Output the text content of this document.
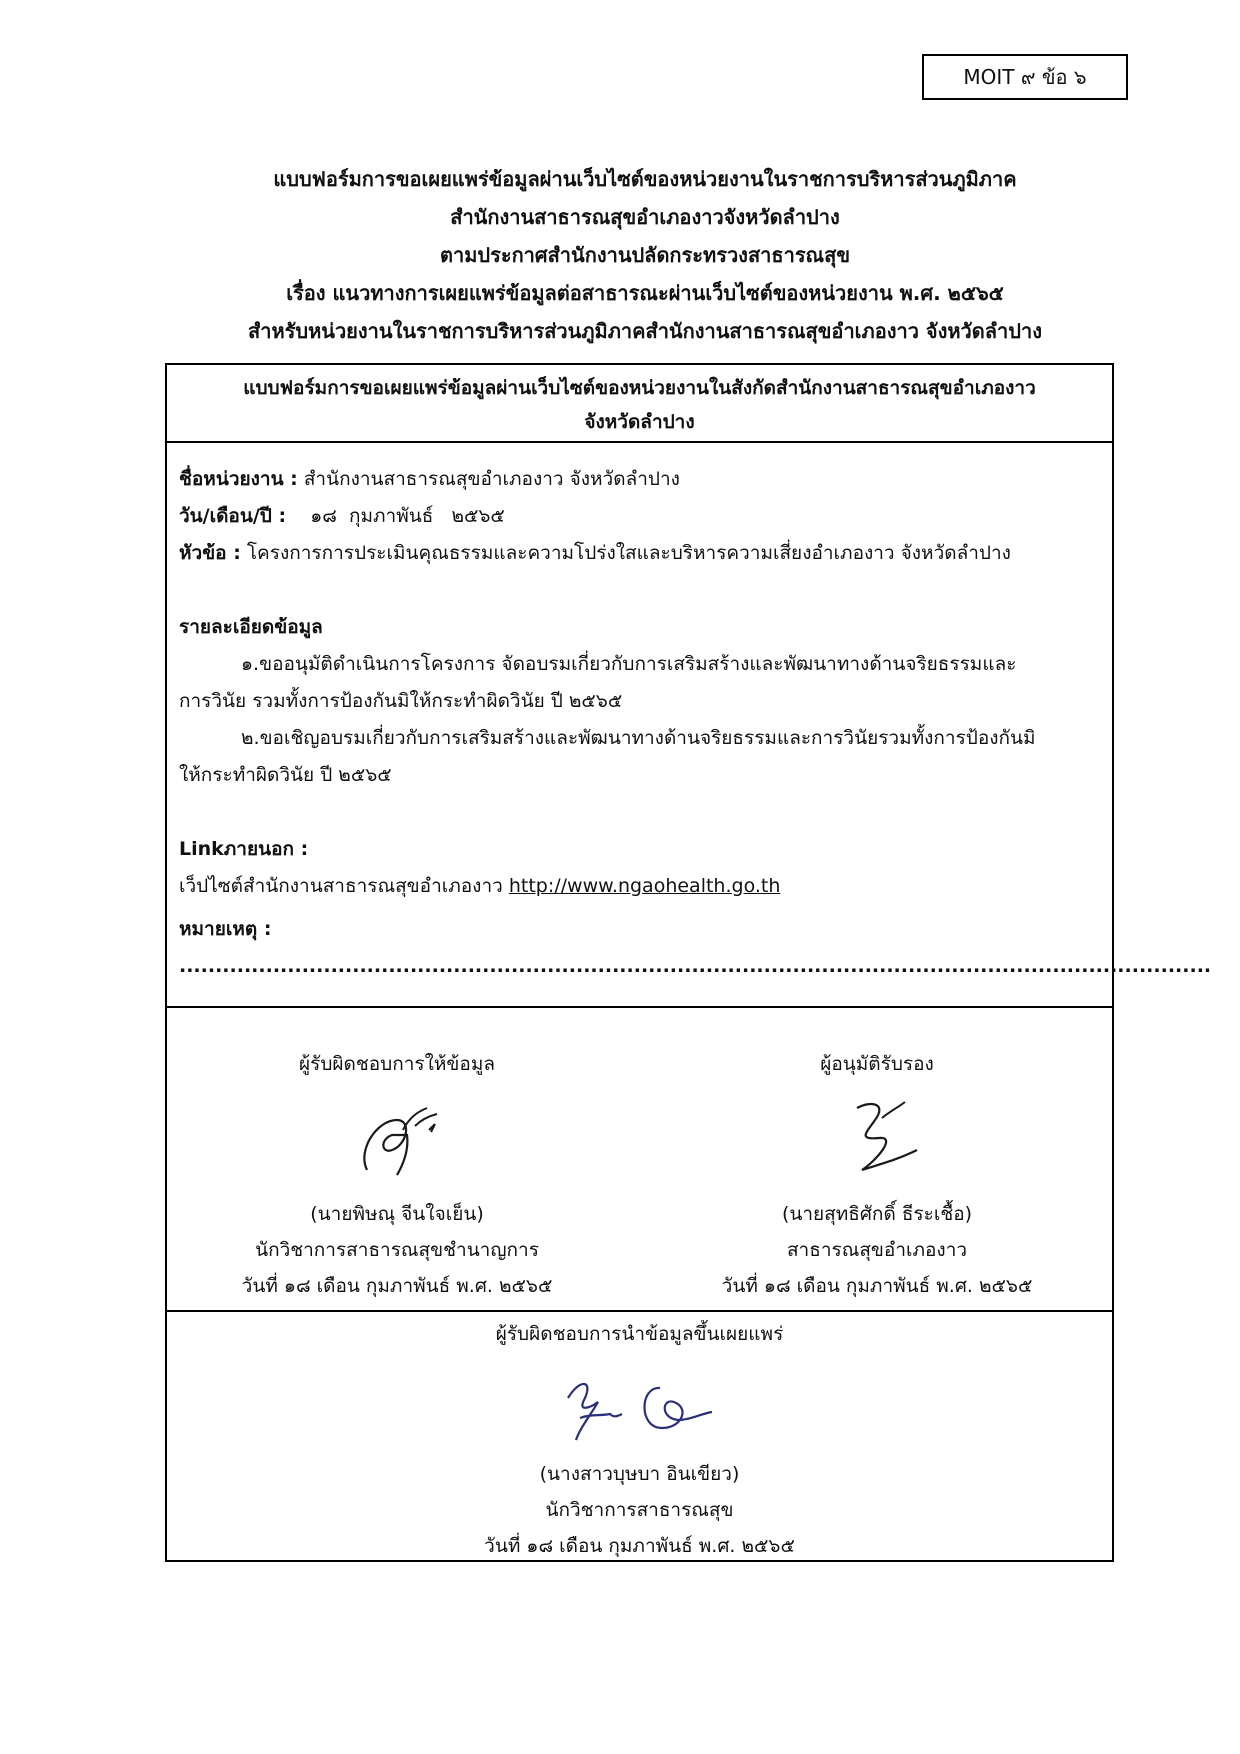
MOIT ๙ ข้อ ๖
แบบฟอร์มการขอเผยแพร่ข้อมูลผ่านเว็บไซต์ของหน่วยงานในราชการบริหารส่วนภูมิภาค
สำนักงานสาธารณสุขอำเภองาวจังหวัดลำปาง
ตามประกาศสำนักงานปลัดกระทรวงสาธารณสุข
เรื่อง แนวทางการเผยแพร่ข้อมูลต่อสาธารณะผ่านเว็บไซต์ของหน่วยงาน พ.ศ. ๒๕๖๕
สำหรับหน่วยงานในราชการบริหารส่วนภูมิภาคสำนักงานสาธารณสุขอำเภองาว จังหวัดลำปาง
แบบฟอร์มการขอเผยแพร่ข้อมูลผ่านเว็บไซต์ของหน่วยงานในสังกัดสำนักงานสาธารณสุขอำเภองาว
จังหวัดลำปาง
ชื่อหน่วยงาน : สำนักงานสาธารณสุขอำเภองาว จังหวัดลำปาง
วัน/เดือน/ปี :    ๑๘  กุมภาพันธ์   ๒๕๖๕
หัวข้อ : โครงการการประเมินคุณธรรมและความโปร่งใสและบริหารความเสี่ยงอำเภองาว จังหวัดลำปาง
รายละเอียดข้อมูล
๑.ขออนุมัติดำเนินการโครงการ จัดอบรมเกี่ยวกับการเสริมสร้างและพัฒนาทางด้านจริยธรรมและ
การวินัย รวมทั้งการป้องกันมิให้กระทำผิดวินัย ปี ๒๕๖๕
๒.ขอเชิญอบรมเกี่ยวกับการเสริมสร้างและพัฒนาทางด้านจริยธรรมและการวินัยรวมทั้งการป้องกันมิ
ให้กระทำผิดวินัย ปี ๒๕๖๕
Linkภายนอก :
เว็ปไซต์สำนักงานสาธารณสุขอำเภองาว http://www.ngaohealth.go.th
หมายเหตุ : ...............................................................................................................................................
ผู้รับผิดชอบการให้ข้อมูล
(นายพิษณุ จีนใจเย็น)
นักวิชาการสาธารณสุขชำนาญการ
วันที่ ๑๘ เดือน กุมภาพันธ์ พ.ศ. ๒๕๖๕
ผู้อนุมัติรับรอง
(นายสุทธิศักดิ์ ธีระเชื้อ)
สาธารณสุขอำเภองาว
วันที่ ๑๘ เดือน กุมภาพันธ์ พ.ศ. ๒๕๖๕
ผู้รับผิดชอบการนำข้อมูลขึ้นเผยแพร่
(นางสาวบุษบา อินเขียว)
นักวิชาการสาธารณสุข
วันที่ ๑๘ เดือน กุมภาพันธ์ พ.ศ. ๒๕๖๕
